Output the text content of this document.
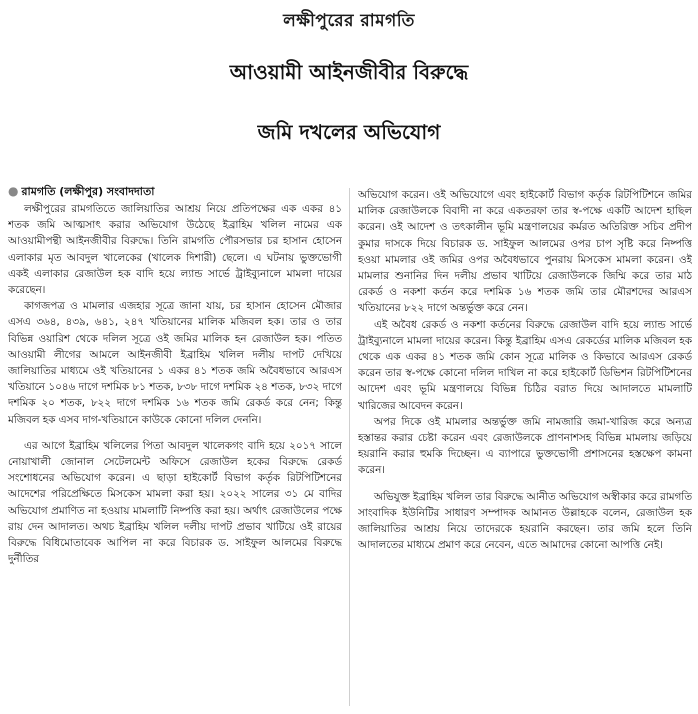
লক্ষীপুরের রামগতি
আওয়ামী আইনজীবীর বিরুদ্ধে
জমি দখলের অভিযোগ
● রামগতি (লক্ষীপুর) সংবাদদাতা

লক্ষীপুরের রামগতিতে জালিয়াতির আশ্রয় নিয়ে প্রতিপক্ষের এক একর ৪১ শতক জমি আত্মসাৎ করার অভিযোগ উঠেছে ইব্রাহিম খলিল নামের এক আওয়ামীপন্থী আইনজীবীর বিরুদ্ধে। তিনি রামগতি পৌরসভার চর হাসান হোসেন এলাকার মৃত আবদুল খালেকের (খালেক দিশারী) ছেলে। এ ঘটনায় ভুক্তভোগী একই এলাকার রেজাউল হক বাদি হয়ে ল্যান্ড সার্ভে ট্রাইব্যুনালে মামলা দায়ের করেছেন।

কাগজপত্র ও মামলার এজহার সূত্রে জানা যায়, চর হাসান হোসেন মৌজার এসএ ৩৬৪, ৪৩৯, ৬৪১, ২৪৭ খতিয়ানের মালিক মজিবল হক। তার ও তার বিভিন্ন ওয়ারিশ থেকে দলিল সূত্রে ওই জমির মালিক হন রেজাউল হক। পতিত আওয়ামী লীগের আমলে আইনজীবী ইব্রাহিম খলিল দলীয় দাপট দেখিয়ে জালিয়াতির মাধ্যমে ওই খতিয়ানের ১ একর ৪১ শতক জমি অবৈধভাবে আরএস খতিয়ানে ১০৪৬ দাগে দশমিক ৮১ শতক, ৮৩৮ দাগে দশমিক ২৪ শতক, ৮৩২ দাগে দশমিক ২০ শতক, ৮২২ দাগে দশমিক ১৬ শতক জমি রেকর্ড করে নেন; কিন্তু মজিবল হক এসব দাগ-খতিয়ানে কাউকে কোনো দলিল দেননি।

এর আগে ইব্রাহিম খলিলের পিতা আবদুল খালেকগং বাদি হয়ে ২০১৭ সালে নোয়াখালী জোনাল সেটেলমেন্ট অফিসে রেজাউল হকের বিরুদ্ধে রেকর্ড সংশোধনের অভিযোগ করেন। এ ছাড়া হাইকোর্ট বিভাগ কর্তৃক রিটপিটিশনের আদেশের পরিপ্রেক্ষিতে মিসকেস মামলা করা হয়। ২০২২ সালের ৩১ মে বাদির অভিযোগ প্রমাণিত না হওয়ায় মামলাটি নিষ্পত্তি করা হয়। অর্থাৎ রেজাউলের পক্ষে রায় দেন আদালত। অথচ ইব্রাহিম খলিল দলীয় দাপট প্রভাব খাটিয়ে ওই রায়ের বিরুদ্ধে বিধিমোতাবেক আপিল না করে বিচারক ড. সাইফুল আলমের বিরুদ্ধে দুর্নীতির

অভিযোগ করেন। ওই অভিযোগে এবং হাইকোর্ট বিভাগ কর্তৃক রিটপিটিশনে জমির মালিক রেজাউলকে বিবাদী না করে একতরফা তার স্ব-পক্ষে একটি আদেশ হাছিল করেন। ওই আদেশ ও তৎকালীন ভূমি মন্ত্রণালয়ের কর্মরত অতিরিক্ত সচিব প্রদীপ কুমার দাসকে দিয়ে বিচারক ড. সাইফুল আলমের ওপর চাপ সৃষ্টি করে নিষ্পত্তি হওয়া মামলার ওই জমির ওপর অবৈধভাবে পুনরায় মিসকেস মামলা করেন। ওই মামলার শুনানির দিন দলীয় প্রভাব খাটিয়ে রেজাউলকে জিম্মি করে তার মাঠ রেকর্ড ও নকশা কর্তন করে দশমিক ১৬ শতক জমি তার মৌরশদের আরএস খতিয়ানের ৮২২ দাগে অন্তর্ভুক্ত করে নেন।

এই অবৈধ রেকর্ড ও নকশা কর্তনের বিরুদ্ধে রেজাউল বাদি হয়ে ল্যান্ড সার্ভে ট্রাইব্যুনালে মামলা দায়ের করেন। কিন্তু ইব্রাহিম এসএ রেকর্ডের মালিক মজিবল হক থেকে এক একর ৪১ শতক জমি কোন সূত্রে মালিক ও কিভাবে আরএস রেকর্ড করেন তার স্ব-পক্ষে কোনো দলিল দাখিল না করে হাইকোর্ট ডিভিশন রিটপিটিশনের আদেশ এবং ভূমি মন্ত্রণালয়ে বিভিন্ন চিঠির বরাত দিয়ে আদালতে মামলাটি খারিজের আবেদন করেন।

অপর দিকে ওই মামলার অন্তর্ভুক্ত জমি নামজারি জমা-খারিজ করে অন্যত্র হস্তান্তর করার চেষ্টা করেন এবং রেজাউলকে প্রাণনাশসহ বিভিন্ন মামলায় জড়িয়ে হয়রানি করার হুমকি দিচ্ছেন। এ ব্যাপারে ভুক্তভোগী প্রশাসনের হস্তক্ষেপ কামনা করেন।

অভিযুক্ত ইব্রাহিম খলিল তার বিরুদ্ধে আনীত অভিযোগ অস্বীকার করে রামগতি সাংবাদিক ইউনিটির সাধারণ সম্পাদক আমানত উল্লাহকে বলেন, রেজাউল হক জালিয়াতির আশ্রয় নিয়ে তাদেরকে হয়রানি করছেন। তার জমি হলে তিনি আদালতের মাধ্যমে প্রমাণ করে নেবেন, এতে আমাদের কোনো আপত্তি নেই।
